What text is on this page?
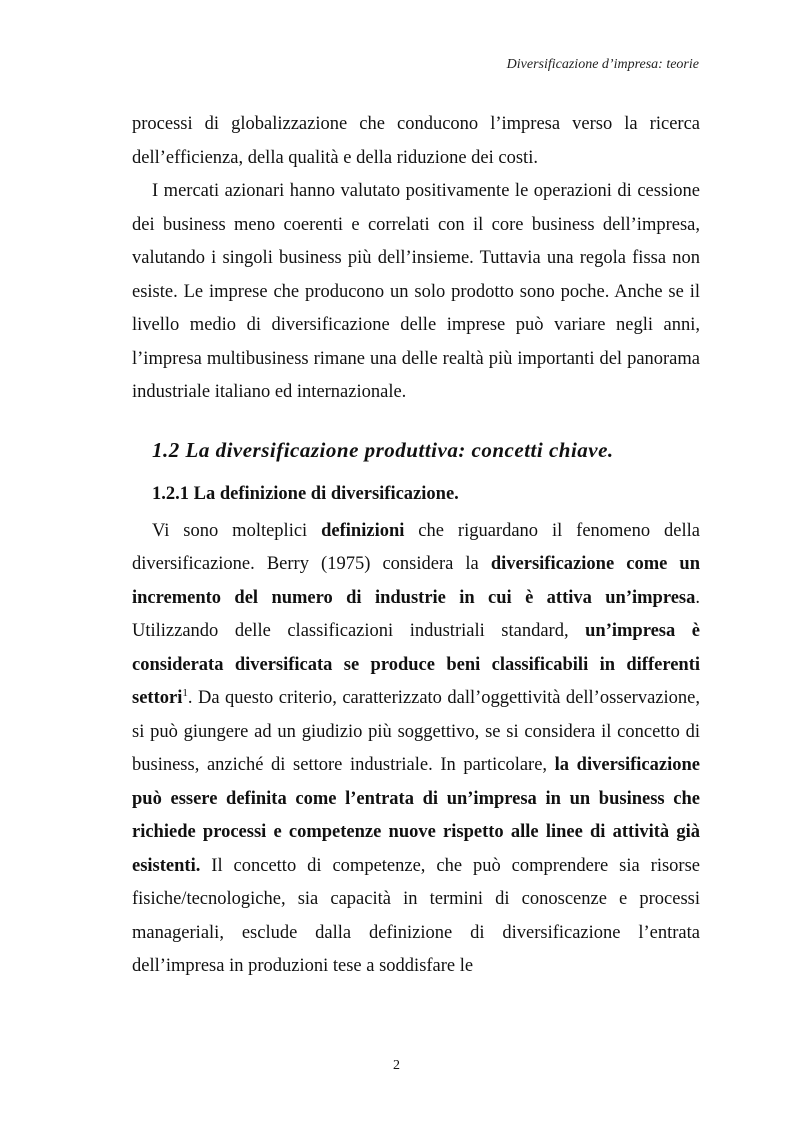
Diversificazione d’impresa: teorie

processi di globalizzazione che conducono l’impresa verso la ricerca dell’efficienza, della qualità e della riduzione dei costi.

I mercati azionari hanno valutato positivamente le operazioni di cessione dei business meno coerenti e correlati con il core business dell’impresa, valutando i singoli business più dell’insieme. Tuttavia una regola fissa non esiste. Le imprese che producono un solo prodotto sono poche. Anche se il livello medio di diversificazione delle imprese può variare negli anni, l’impresa multibusiness rimane una delle realtà più importanti del panorama industriale italiano ed internazionale.

1.2 La diversificazione produttiva: concetti chiave.
1.2.1 La definizione di diversificazione.

Vi sono molteplici definizioni che riguardano il fenomeno della diversificazione. Berry (1975) considera la diversificazione come un incremento del numero di industrie in cui è attiva un’impresa. Utilizzando delle classificazioni industriali standard, un’impresa è considerata diversificata se produce beni classificabili in differenti settori$^1$. Da questo criterio, caratterizzato dall’oggettività dell’osservazione, si può giungere ad un giudizio più soggettivo, se si considera il concetto di business, anziché di settore industriale. In particolare, la diversificazione può essere definita come l’entrata di un’impresa in un business che richiede processi e competenze nuove rispetto alle linee di attività già esistenti. Il concetto di competenze, che può comprendere sia risorse fisiche/tecnologiche, sia capacità in termini di conoscenze e processi manageriali, esclude dalla definizione di diversificazione l’entrata dell’impresa in produzioni tese a soddisfare le

2
